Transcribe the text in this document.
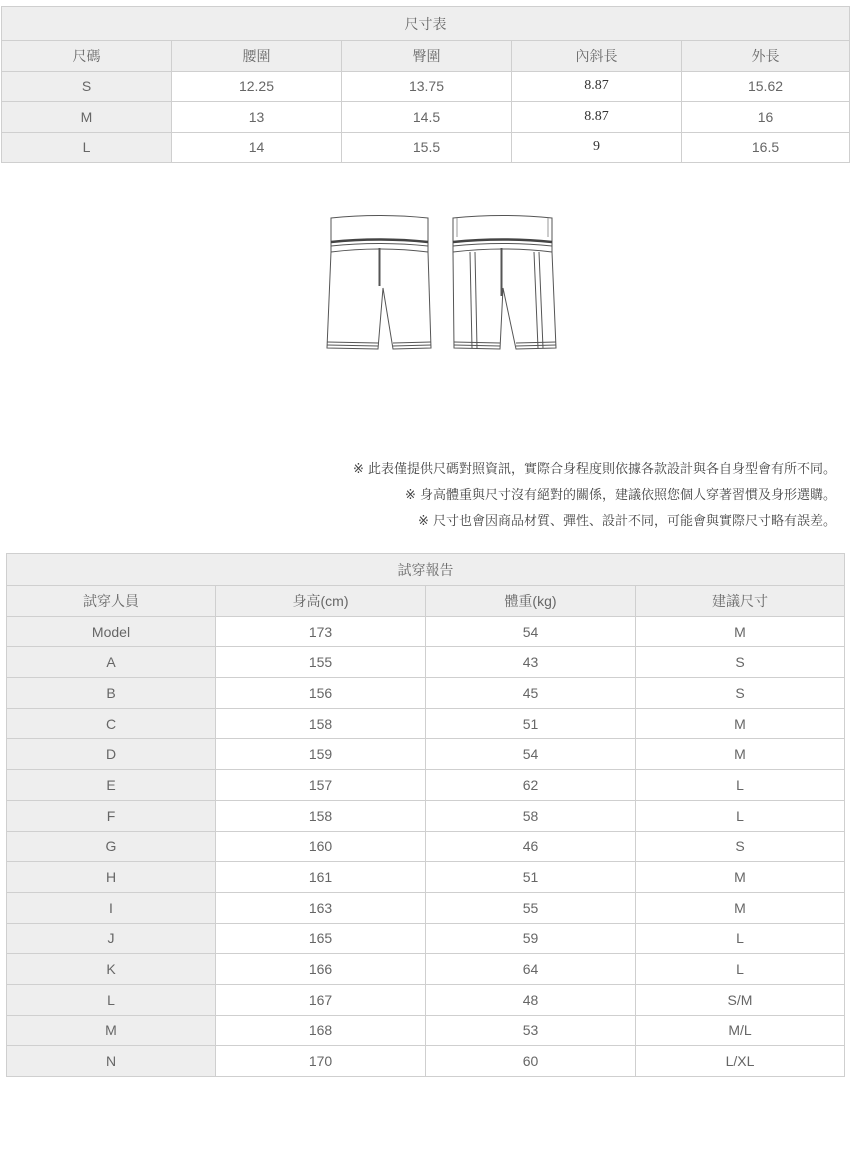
尺寸表				
尺碼	腰圍	臀圍	內斜長	外長
S	12.25	13.75	8.87	15.62
M	13	14.5	8.87	16
L	14	15.5	9	16.5

※ 此表僅提供尺碼對照資訊，實際合身程度則依據各款設計與各自身型會有所不同。

※ 身高體重與尺寸沒有絕對的關係，建議依照您個人穿著習慣及身形選購。

※ 尺寸也會因商品材質、彈性、設計不同，可能會與實際尺寸略有誤差。

試穿報告			
試穿人員	身高(cm)	體重(kg)	建議尺寸
Model	173	54	M
A	155	43	S
B	156	45	S
C	158	51	M
D	159	54	M
E	157	62	L
F	158	58	L
G	160	46	S
H	161	51	M
I	163	55	M
J	165	59	L
K	166	64	L
L	167	48	S/M
M	168	53	M/L
N	170	60	L/XL
